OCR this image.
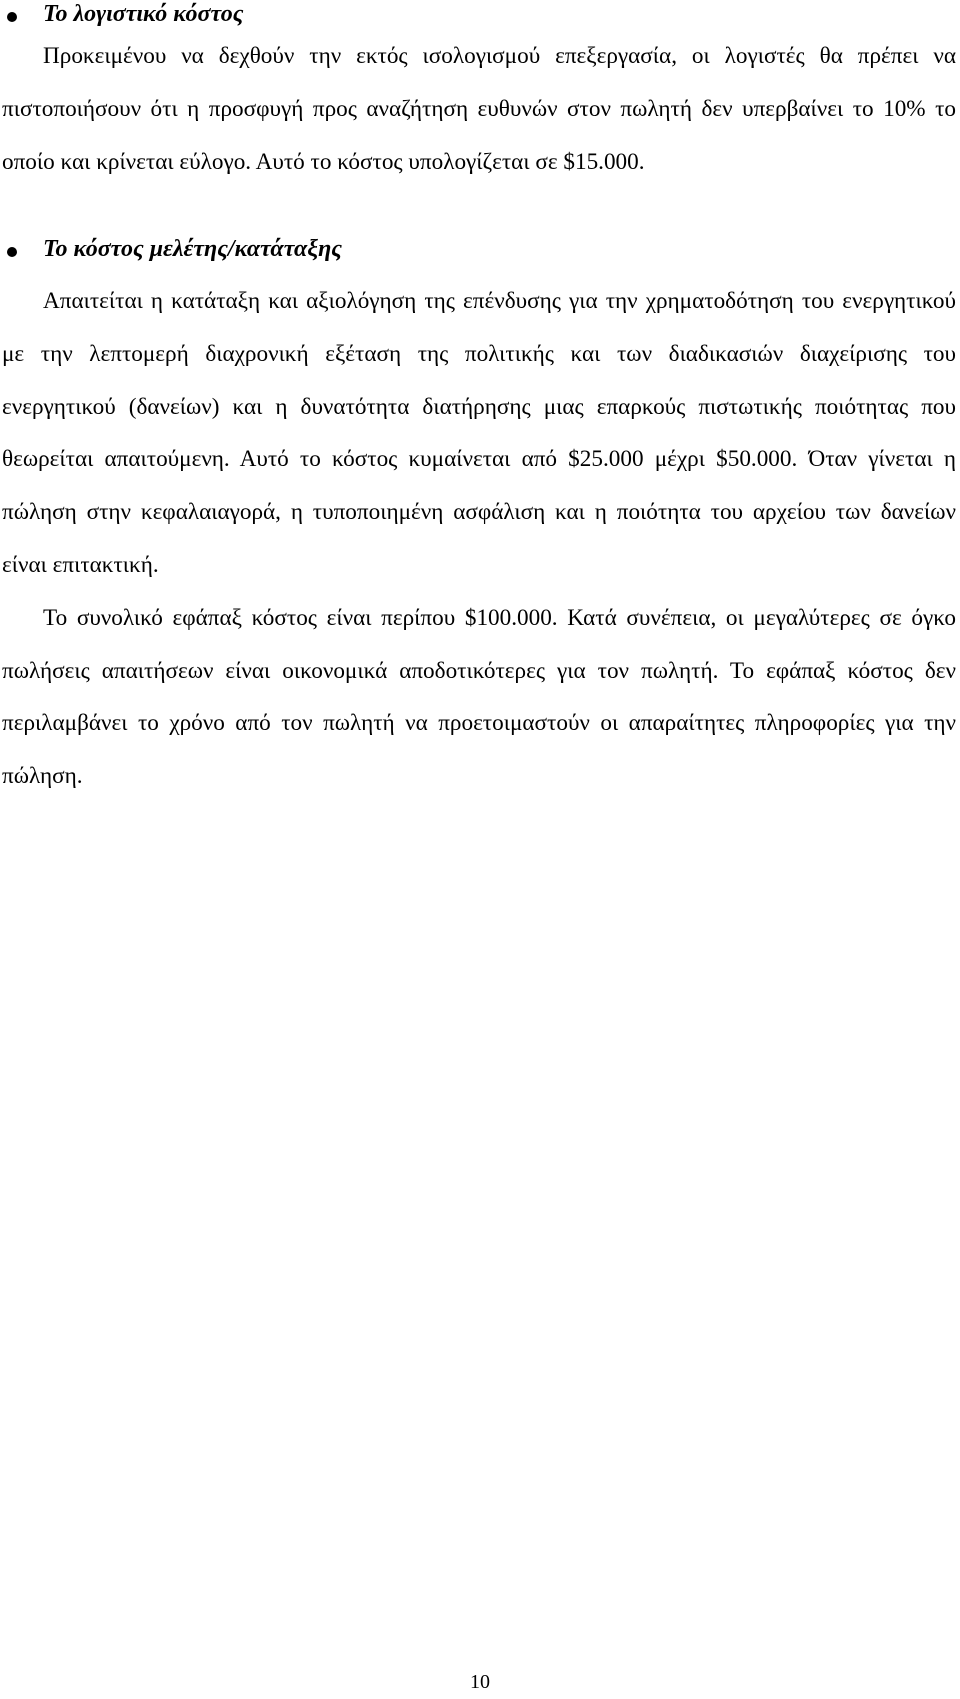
Το λογιστικό κόστος

Προκειμένου να δεχθούν την εκτός ισολογισμού επεξεργασία, οι λογιστές θα πρέπει να πιστοποιήσουν ότι η προσφυγή προς αναζήτηση ευθυνών στον πωλητή δεν υπερβαίνει το 10% το οποίο και κρίνεται εύλογο. Αυτό το κόστος υπολογίζεται σε $15.000.

Το κόστος μελέτης/κατάταξης

Απαιτείται η κατάταξη και αξιολόγηση της επένδυσης για την χρηματοδότηση του ενεργητικού με την λεπτομερή διαχρονική εξέταση της πολιτικής και των διαδικασιών διαχείρισης του ενεργητικού (δανείων) και η δυνατότητα διατήρησης μιας επαρκούς πιστωτικής ποιότητας που θεωρείται απαιτούμενη. Αυτό το κόστος κυμαίνεται από $25.000 μέχρι $50.000. Όταν γίνεται η πώληση στην κεφαλαιαγορά, η τυποποιημένη ασφάλιση και η ποιότητα του αρχείου των δανείων είναι επιτακτική.

Το συνολικό εφάπαξ κόστος είναι περίπου $100.000. Κατά συνέπεια, οι μεγαλύτερες σε όγκο πωλήσεις απαιτήσεων είναι οικονομικά αποδοτικότερες για τον πωλητή. Το εφάπαξ κόστος δεν περιλαμβάνει το χρόνο από τον πωλητή να προετοιμαστούν οι απαραίτητες πληροφορίες για την πώληση.

10
